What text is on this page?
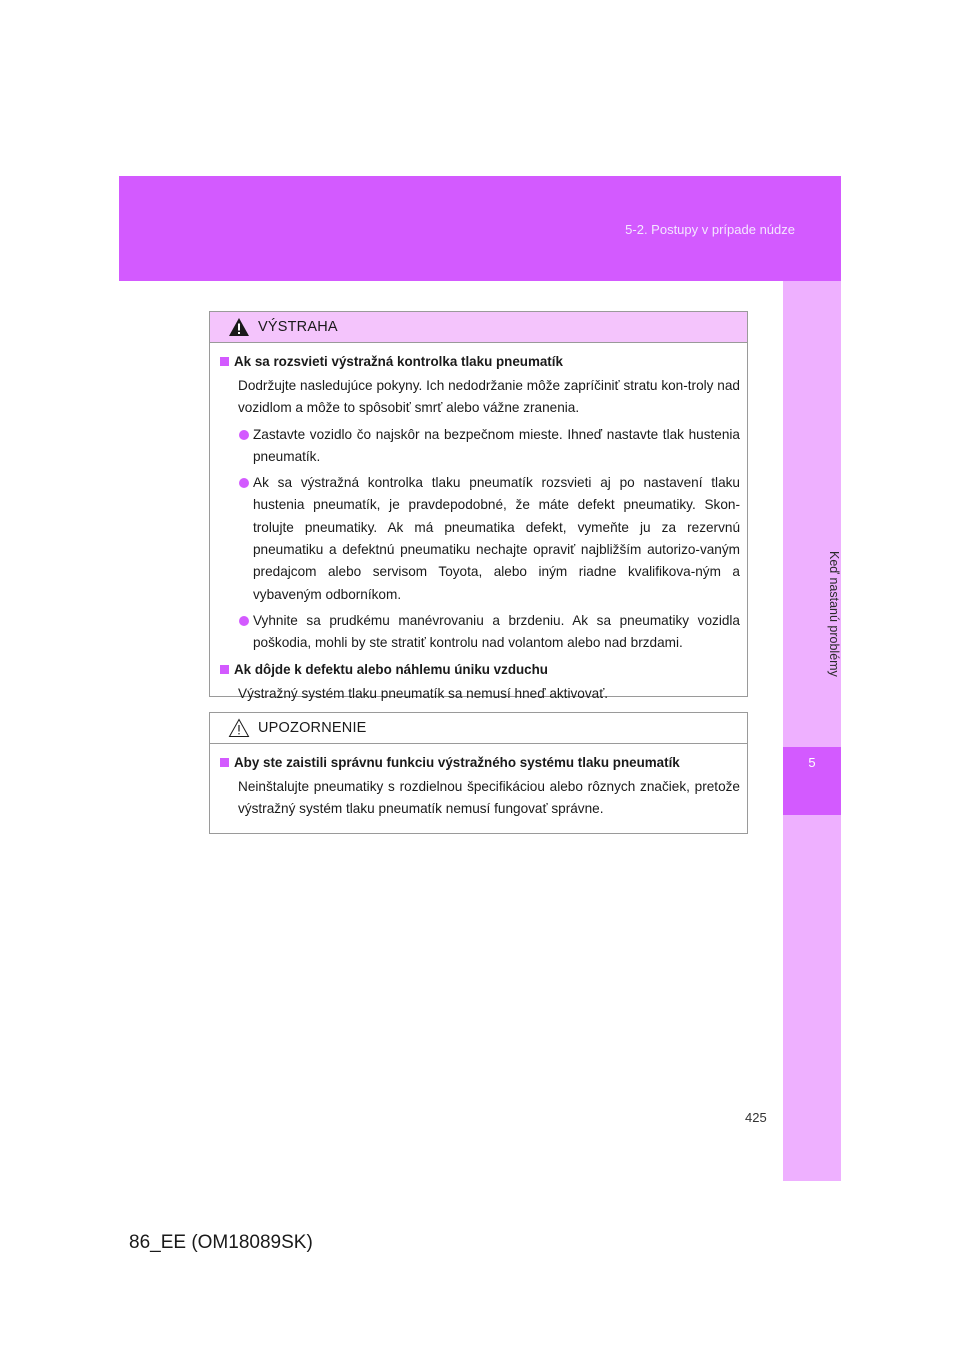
5-2. Postupy v prípade núdze
5
Keď nastanú problémy
VÝSTRAHA
Ak sa rozsvieti výstražná kontrolka tlaku pneumatík

Dodržujte nasledujúce pokyny. Ich nedodržanie môže zapríčiniť stratu kon-troly nad vozidlom a môže to spôsobiť smrť alebo vážne zranenia.

Zastavte vozidlo čo najskôr na bezpečnom mieste. Ihneď nastavte tlak hustenia pneumatík.
Ak sa výstražná kontrolka tlaku pneumatík rozsvieti aj po nastavení tlaku hustenia pneumatík, je pravdepodobné, že máte defekt pneumatiky. Skon-trolujte pneumatiky. Ak má pneumatika defekt, vymeňte ju za rezervnú pneumatiku a defektnú pneumatiku nechajte opraviť najbližším autorizo-vaným predajcom alebo servisom Toyota, alebo iným riadne kvalifikova-ným a vybaveným odborníkom.
Vyhnite sa prudkému manévrovaniu a brzdeniu. Ak sa pneumatiky vozidla poškodia, mohli by ste stratiť kontrolu nad volantom alebo nad brzdami.
Ak dôjde k defektu alebo náhlemu úniku vzduchu

Výstražný systém tlaku pneumatík sa nemusí hneď aktivovať.

UPOZORNENIE
Aby ste zaistili správnu funkciu výstražného systému tlaku pneumatík

Neinštalujte pneumatiky s rozdielnou špecifikáciou alebo rôznych značiek, pretože výstražný systém tlaku pneumatík nemusí fungovať správne.

425
86_EE (OM18089SK)
